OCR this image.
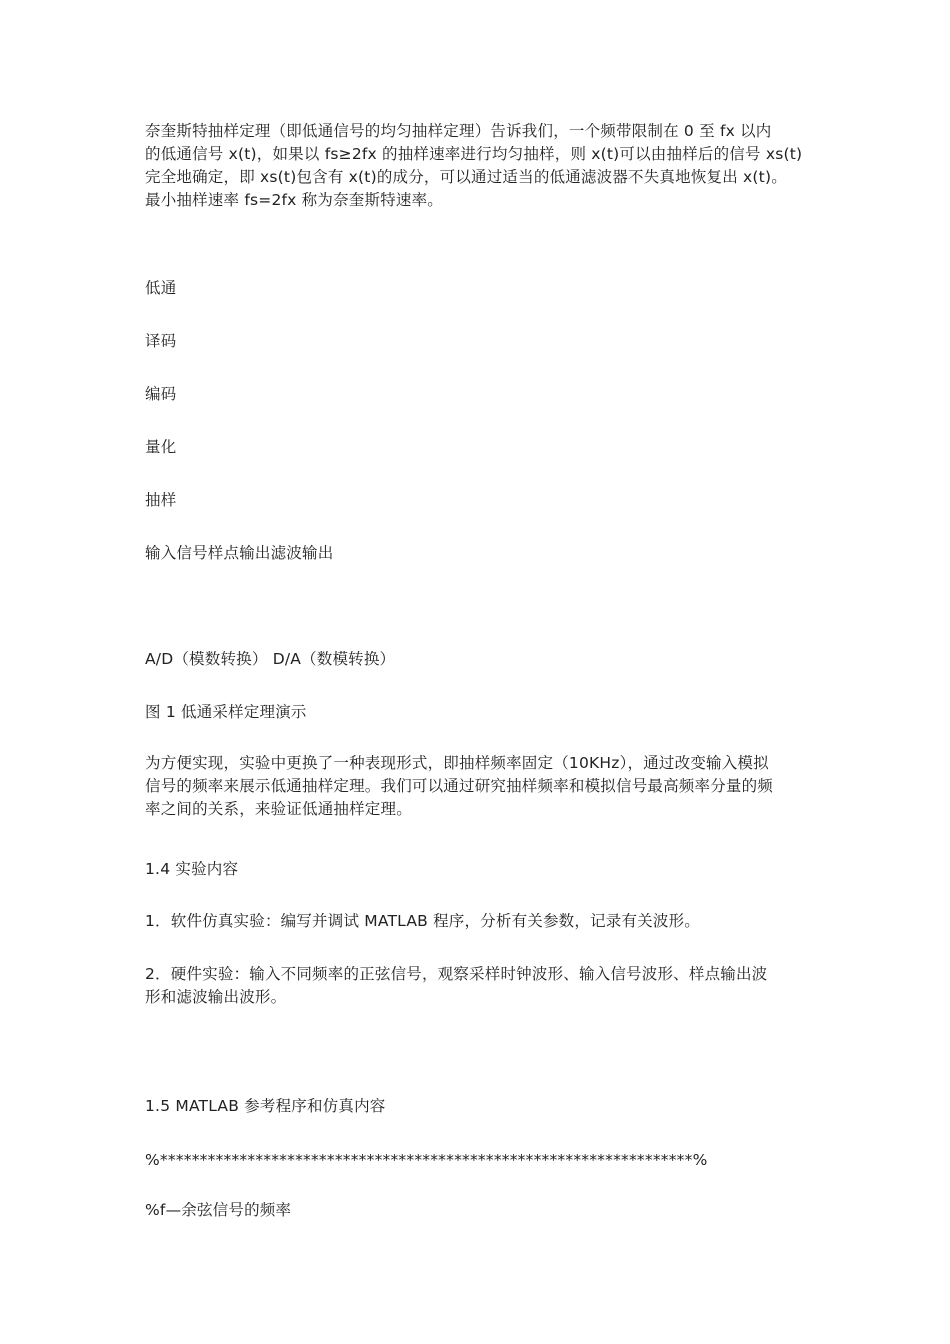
奈奎斯特抽样定理（即低通信号的均匀抽样定理）告诉我们，一个频带限制在 0 至 fx 以内
的低通信号 x(t)，如果以 fs≥2fx 的抽样速率进行均匀抽样，则 x(t)可以由抽样后的信号 xs(t)
完全地确定，即 xs(t)包含有 x(t)的成分，可以通过适当的低通滤波器不失真地恢复出 x(t)。
最小抽样速率 fs=2fx 称为奈奎斯特速率。
低通
译码
编码
量化
抽样
输入信号样点输出滤波输出
A/D（模数转换） D/A（数模转换）
图 1 低通采样定理演示
为方便实现，实验中更换了一种表现形式，即抽样频率固定（10KHz），通过改变输入模拟
信号的频率来展示低通抽样定理。我们可以通过研究抽样频率和模拟信号最高频率分量的频
率之间的关系，来验证低通抽样定理。
1.4 实验内容
1．软件仿真实验：编写并调试 MATLAB 程序，分析有关参数，记录有关波形。
2．硬件实验：输入不同频率的正弦信号，观察采样时钟波形、输入信号波形、样点输出波
形和滤波输出波形。
1.5 MATLAB 参考程序和仿真内容
%*******************************************************************%
%f—余弦信号的频率
